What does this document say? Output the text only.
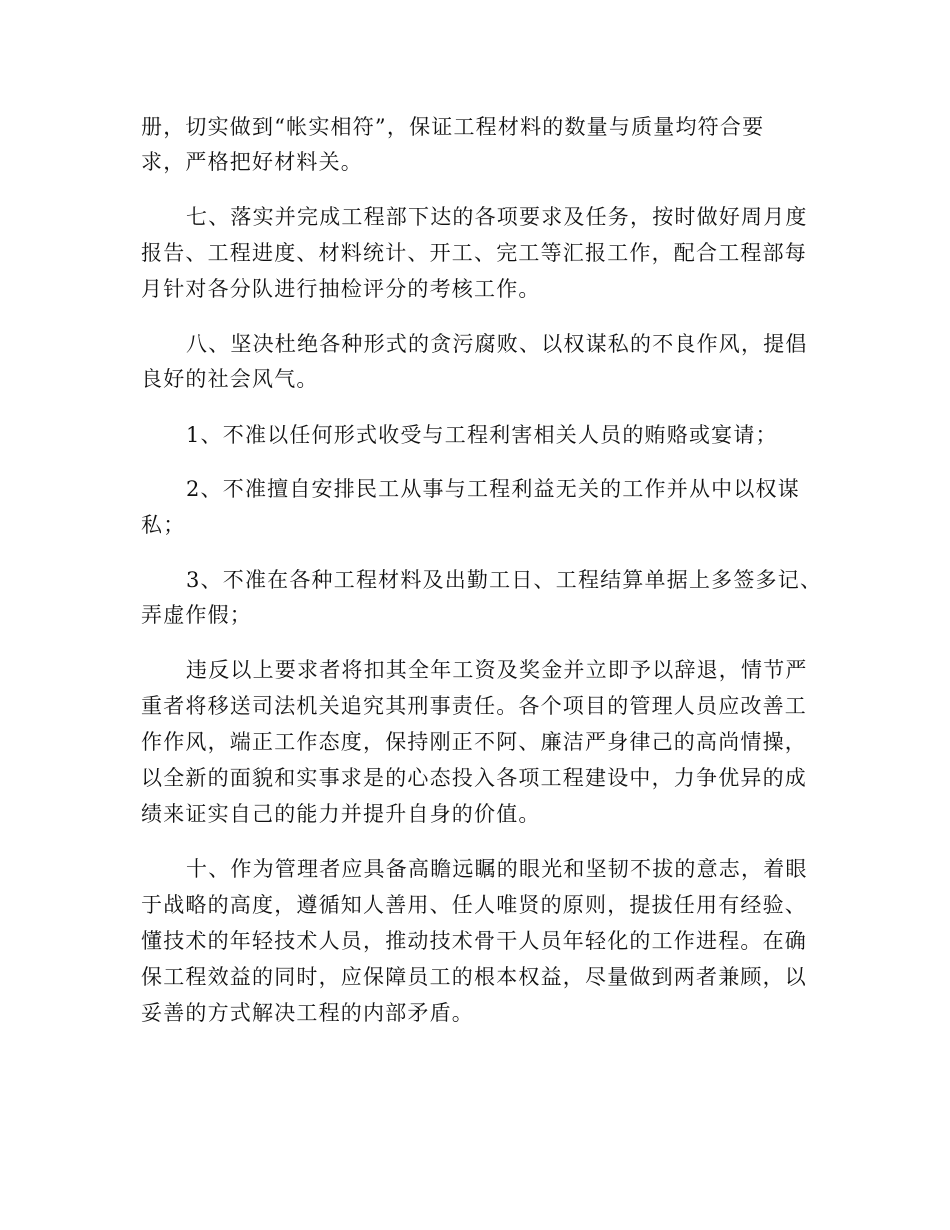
册，切实做到“帐实相符”，保证工程材料的数量与质量均符合要
求，严格把好材料关。
七、落实并完成工程部下达的各项要求及任务，按时做好周月度
报告、工程进度、材料统计、开工、完工等汇报工作，配合工程部每
月针对各分队进行抽检评分的考核工作。
八、坚决杜绝各种形式的贪污腐败、以权谋私的不良作风，提倡
良好的社会风气。
1、不准以任何形式收受与工程利害相关人员的贿赂或宴请；
2、不准擅自安排民工从事与工程利益无关的工作并从中以权谋
私；
3、不准在各种工程材料及出勤工日、工程结算单据上多签多记、
弄虚作假；
违反以上要求者将扣其全年工资及奖金并立即予以辞退，情节严
重者将移送司法机关追究其刑事责任。各个项目的管理人员应改善工
作作风，端正工作态度，保持刚正不阿、廉洁严身律己的高尚情操，
以全新的面貌和实事求是的心态投入各项工程建设中，力争优异的成
绩来证实自己的能力并提升自身的价值。
十、作为管理者应具备高瞻远瞩的眼光和坚韧不拔的意志，着眼
于战略的高度，遵循知人善用、任人唯贤的原则，提拔任用有经验、
懂技术的年轻技术人员，推动技术骨干人员年轻化的工作进程。在确
保工程效益的同时，应保障员工的根本权益，尽量做到两者兼顾，以
妥善的方式解决工程的内部矛盾。
